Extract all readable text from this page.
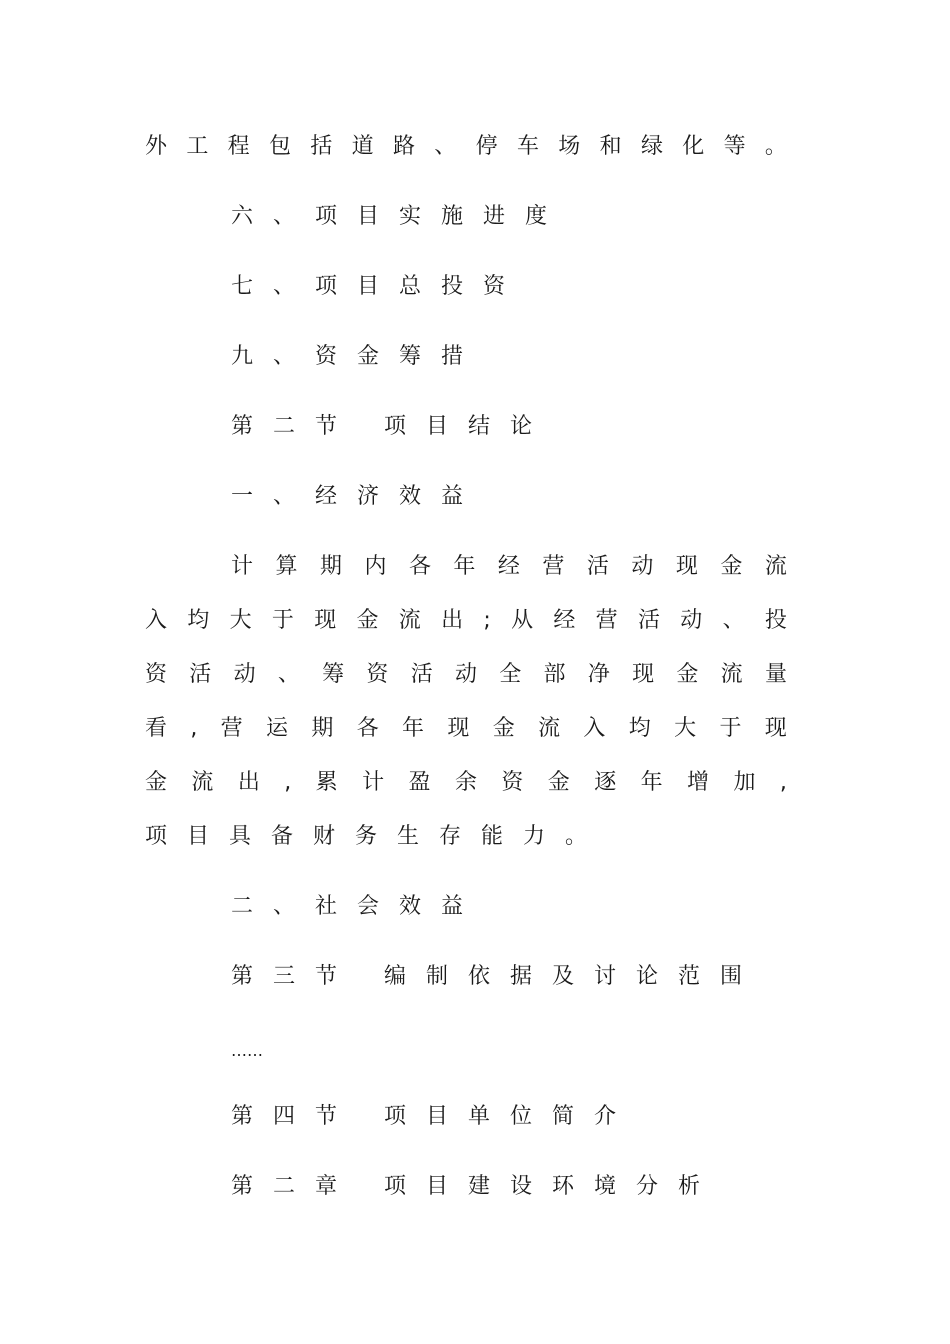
外 工 程 包 括 道 路 、 停 车 场 和 绿 化 等 。
六、项目实施进度
七、项目总投资
九、资金筹措
第二节 项目结论
一、经济效益
计 算 期 内 各 年 经 营 活 动 现 金 流
入 均 大 于 现 金 流 出 ; 从 经 营 活 动 、 投
资 活 动 、 筹 资 活 动 全 部 净 现 金 流 量
看 , 营 运 期 各 年 现 金 流 入 均 大 于 现
金 流 出 , 累 计 盈 余 资 金 逐 年 增 加 ,
项目具备财务生存能力。
二、社会效益
第三节 编制依据及讨论范围
……
第四节 项目单位简介
第二章 项目建设环境分析
